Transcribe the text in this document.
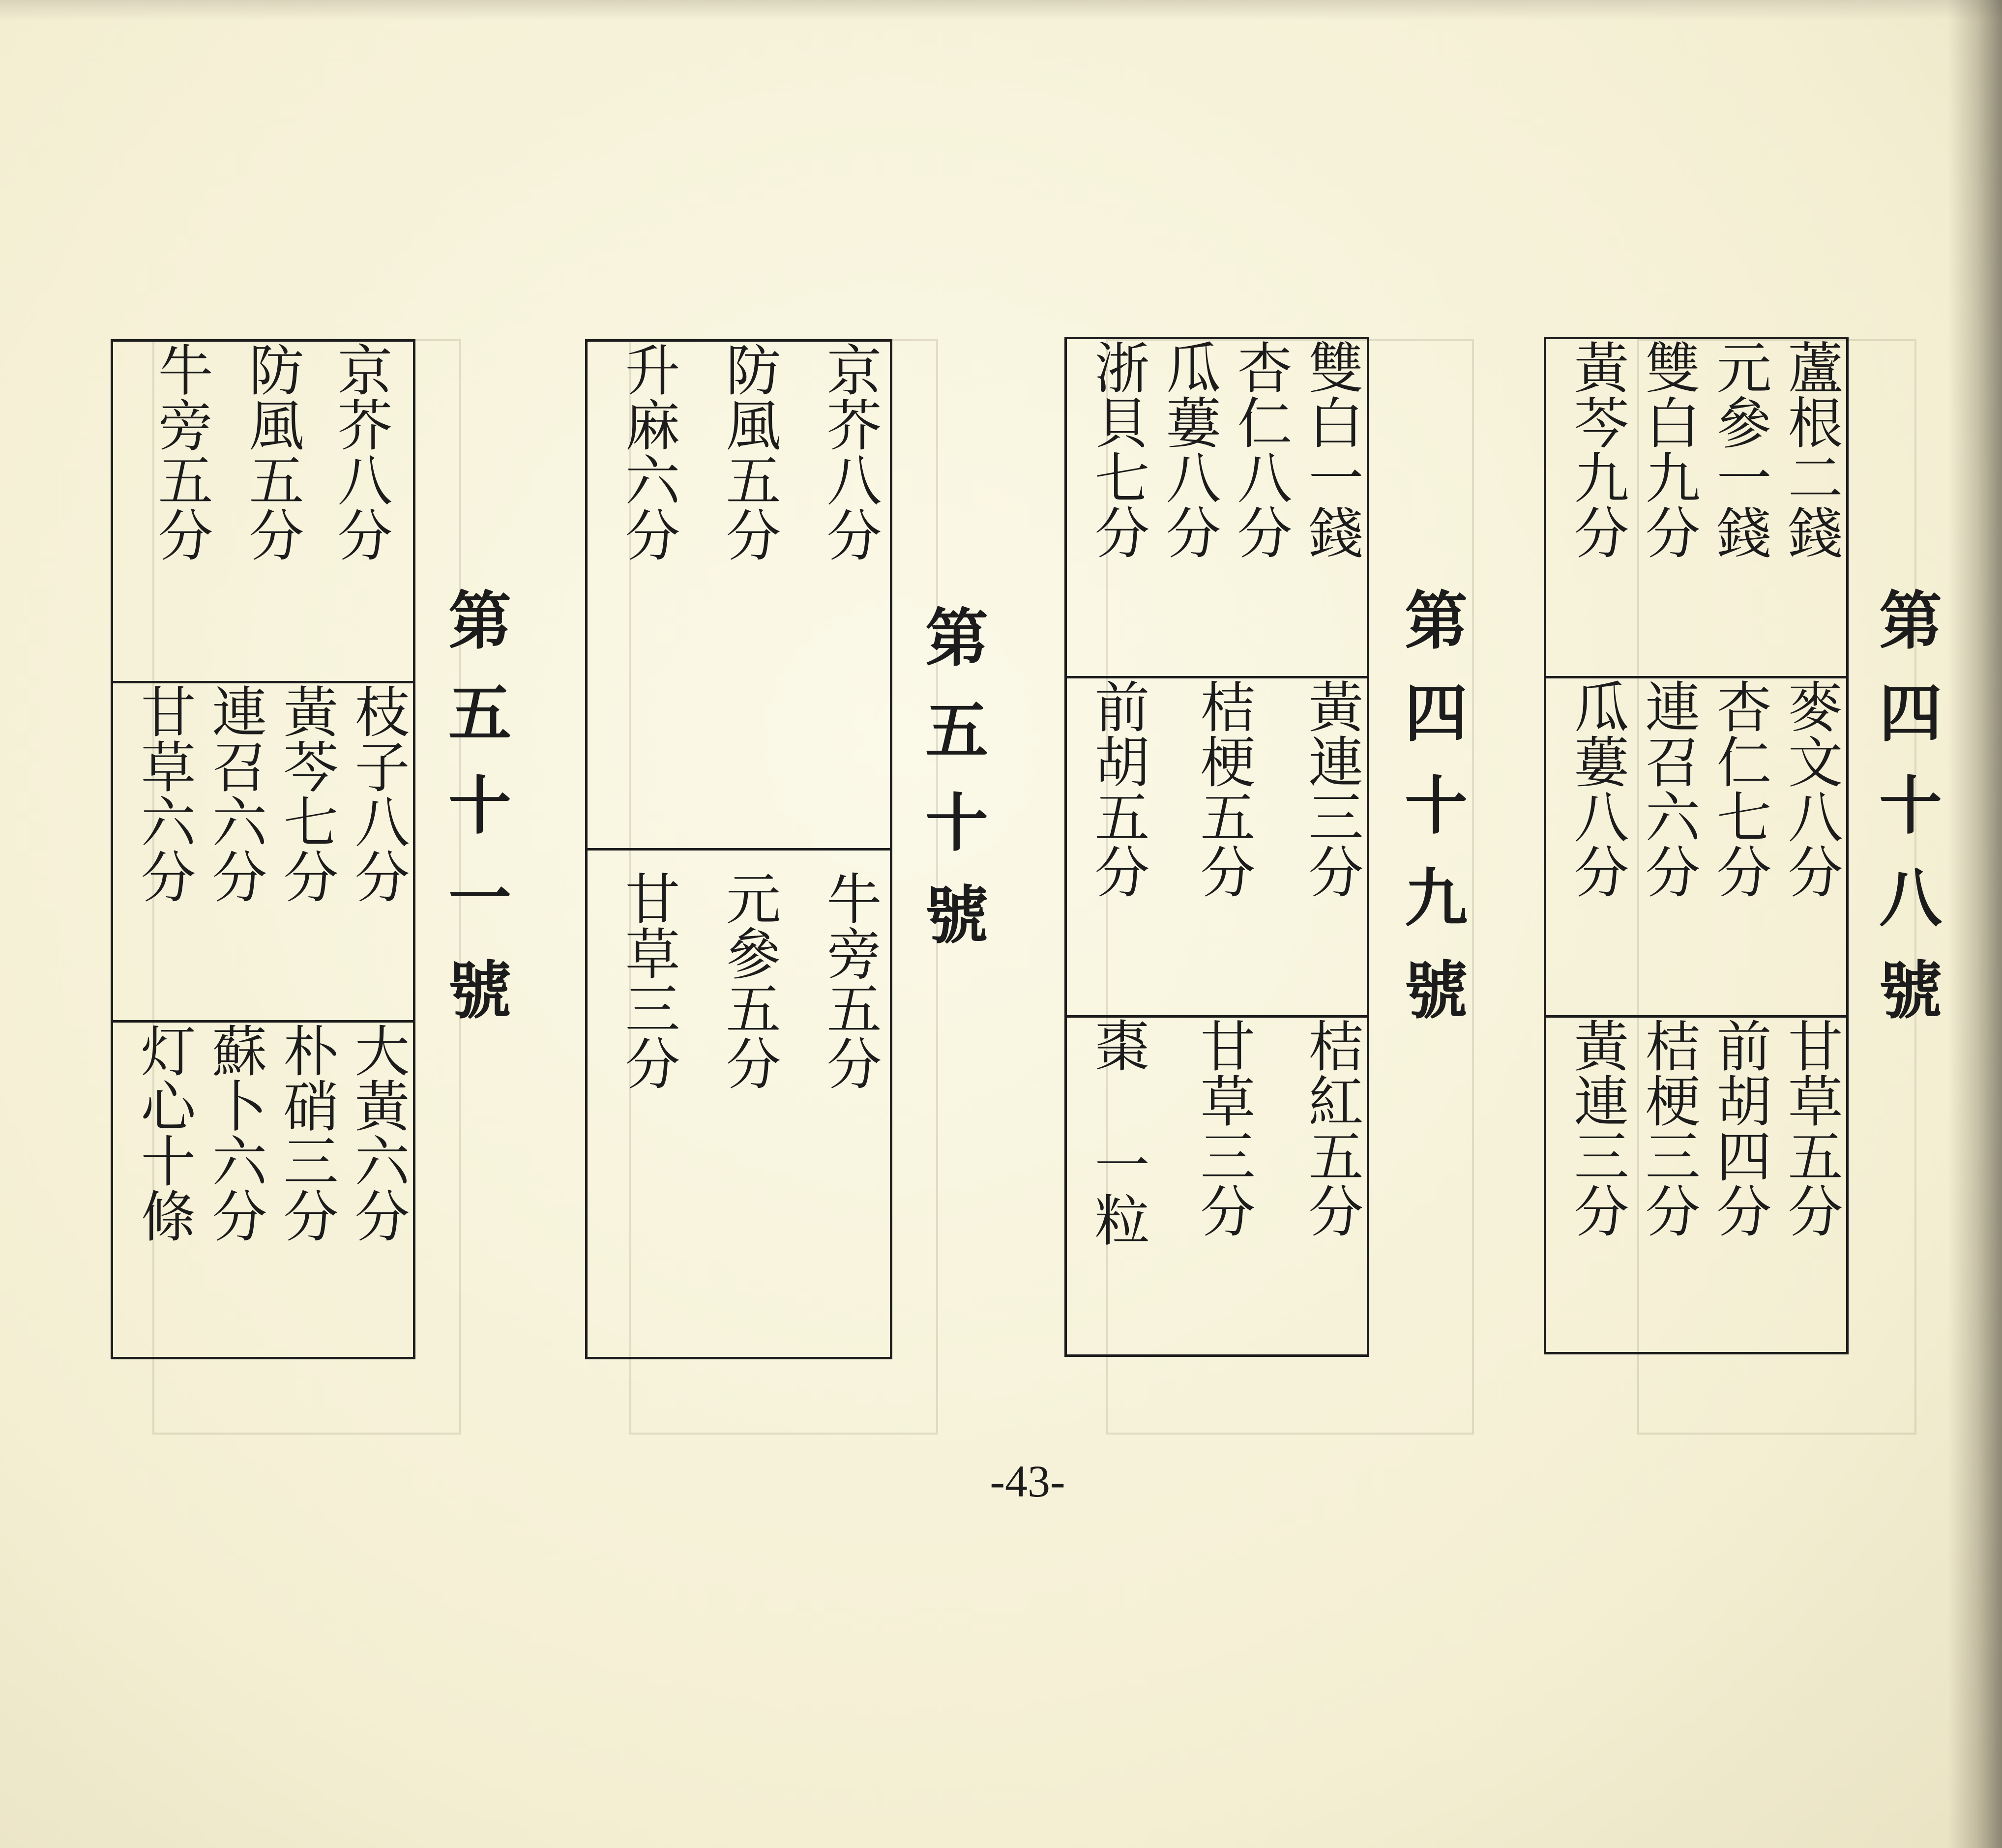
第四十八號
蘆根二錢
元參一錢
雙白九分
黃芩九分
麥文八分
杏仁七分
連召六分
瓜蔞八分
甘草五分
前胡四分
桔梗三分
黃連三分
第四十九號
雙白一錢
杏仁八分
瓜蔞八分
浙貝七分
黃連三分
桔梗五分
前胡五分
桔紅五分
甘草三分
棗 一粒
第五十號
京芥八分
防風五分
升麻六分
牛旁五分
元參五分
甘草三分
第五十一號
京芥八分
防風五分
牛旁五分
枝子八分
黃芩七分
連召六分
甘草六分
大黃六分
朴硝三分
蘇卜六分
灯心十條
-43-
